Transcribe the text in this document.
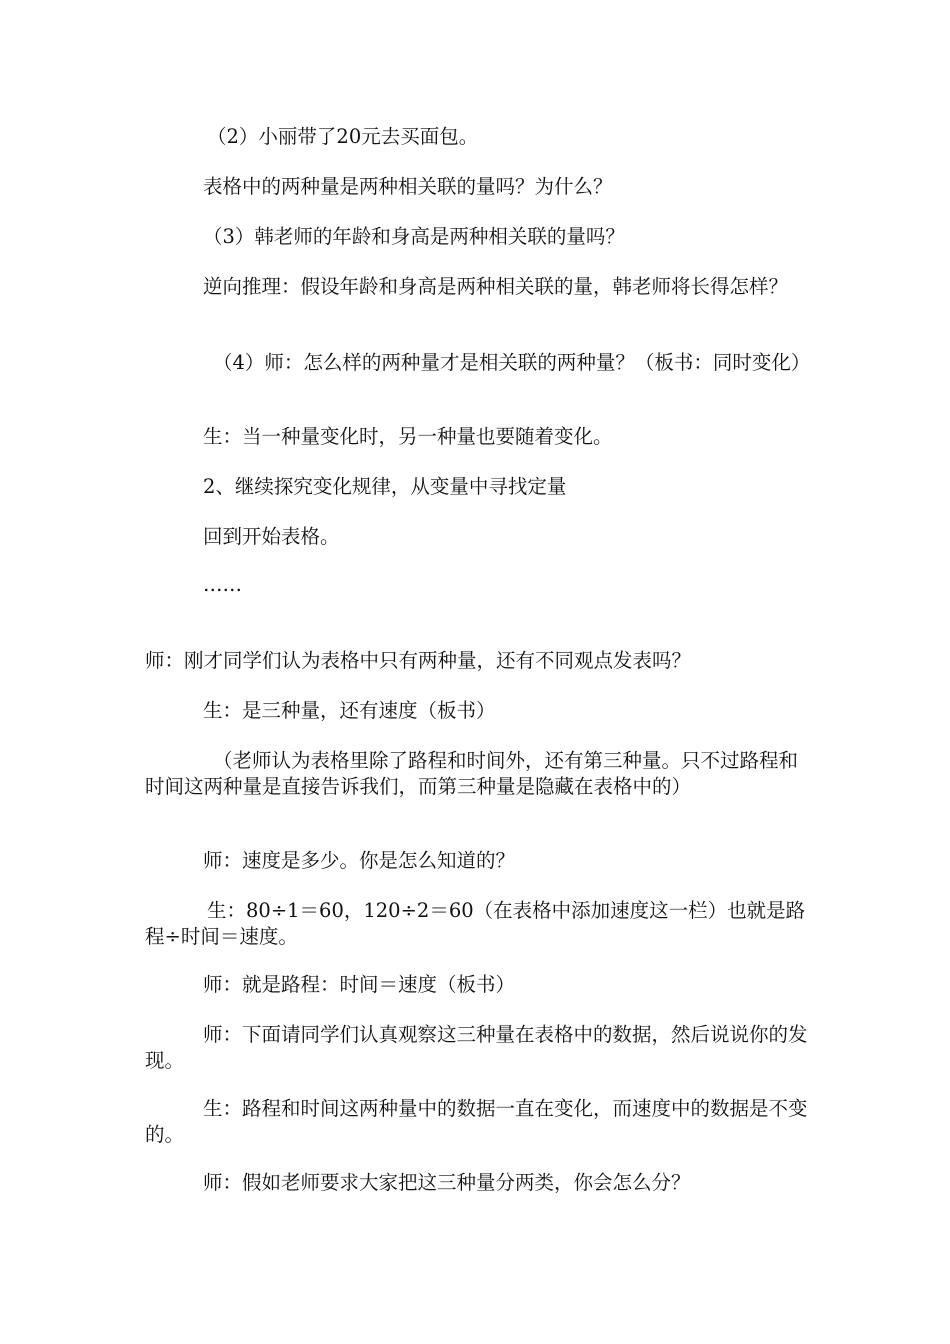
（2）小丽带了20元去买面包。

表格中的两种量是两种相关联的量吗？为什么？

（3）韩老师的年龄和身高是两种相关联的量吗？

逆向推理：假设年龄和身高是两种相关联的量，韩老师将长得怎样？

（4）师：怎么样的两种量才是相关联的两种量？（板书：同时变化）

生：当一种量变化时，另一种量也要随着变化。

2、继续探究变化规律，从变量中寻找定量

回到开始表格。

……

师：刚才同学们认为表格中只有两种量，还有不同观点发表吗？

生：是三种量，还有速度（板书）

（老师认为表格里除了路程和时间外，还有第三种量。只不过路程和时间这两种量是直接告诉我们，而第三种量是隐藏在表格中的）

师：速度是多少。你是怎么知道的？

生：80÷1＝60，120÷2＝60（在表格中添加速度这一栏）也就是路程÷时间＝速度。

师：就是路程：时间＝速度（板书）

师：下面请同学们认真观察这三种量在表格中的数据，然后说说你的发现。

生：路程和时间这两种量中的数据一直在变化，而速度中的数据是不变的。

师：假如老师要求大家把这三种量分两类，你会怎么分？
